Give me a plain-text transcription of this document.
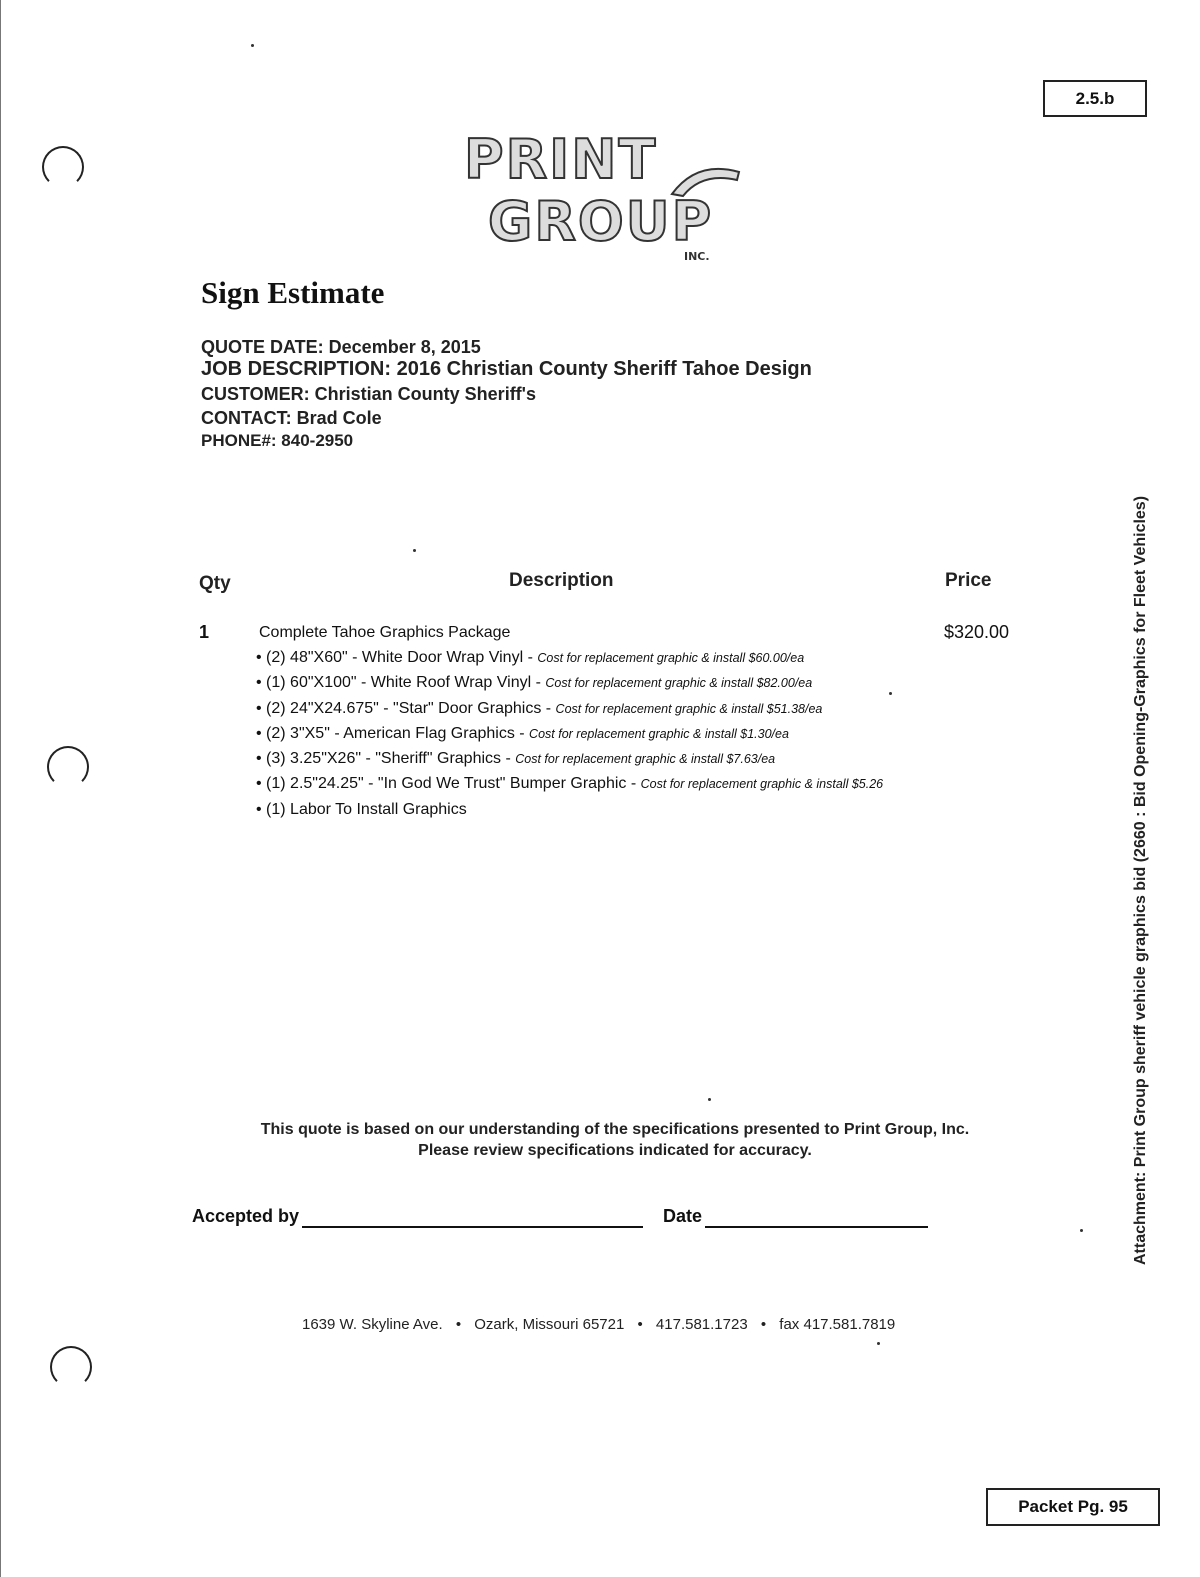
2.5.b
PRINT
GROUP
INC.
Sign Estimate
QUOTE DATE: December 8, 2015
JOB DESCRIPTION: 2016 Christian County Sheriff Tahoe Design
CUSTOMER: Christian County Sheriff's
CONTACT: Brad Cole
PHONE#: 840-2950
Qty	Description	Price
1	Complete Tahoe Graphics Package	$320.00
• (2) 48"X60" - White Door Wrap Vinyl - Cost for replacement graphic & install $60.00/ea
• (1) 60"X100" - White Roof Wrap Vinyl - Cost for replacement graphic & install $82.00/ea
• (2) 24"X24.675" - "Star" Door Graphics - Cost for replacement graphic & install $51.38/ea
• (2) 3"X5" - American Flag Graphics - Cost for replacement graphic & install $1.30/ea
• (3) 3.25"X26" - "Sheriff" Graphics - Cost for replacement graphic & install $7.63/ea
• (1) 2.5"24.25" - "In God We Trust" Bumper Graphic - Cost for replacement graphic & install $5.26
• (1) Labor To Install Graphics
This quote is based on our understanding of the specifications presented to Print Group, Inc.
Please review specifications indicated for accuracy.
Accepted by	Date
1639 W. Skyline Ave. • Ozark, Missouri 65721 • 417.581.1723 • fax 417.581.7819
Attachment: Print Group sheriff vehicle graphics bid (2660 : Bid Opening-Graphics for Fleet Vehicles)
Packet Pg. 95
